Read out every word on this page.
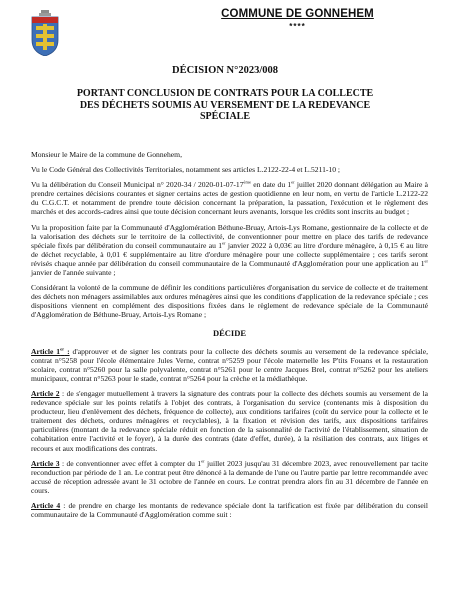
COMMUNE DE GONNEHEM
****
DÉCISION N°2023/008
PORTANT CONCLUSION DE CONTRATS POUR LA COLLECTE
DES DÉCHETS SOUMIS AU VERSEMENT DE LA REDEVANCE
SPÉCIALE

Monsieur le Maire de la commune de Gonnehem,

Vu le Code Général des Collectivités Territoriales, notamment ses articles L.2122-22-4 et L.5211-10 ;

Vu la délibération du Conseil Municipal n° 2020-34 / 2020-01-07-17ème en date du 1er juillet 2020 donnant délégation au Maire à prendre certaines décisions courantes et signer certains actes de gestion quotidienne en leur nom, en vertu de l'article L.2122-22 du C.G.C.T. et notamment de prendre toute décision concernant la préparation, la passation, l'exécution et le règlement des marchés et des accords-cadres ainsi que toute décision concernant leurs avenants, lorsque les crédits sont inscrits au budget ;

Vu la proposition faite par la Communauté d'Agglomération Béthune-Bruay, Artois-Lys Romane, gestionnaire de la collecte et de la valorisation des déchets sur le territoire de la collectivité, de conventionner pour mettre en place des tarifs de redevance spéciale fixés par délibération du conseil communautaire au 1er janvier 2022 à 0,03€ au litre d'ordure ménagère, à 0,15 € au litre de déchet recyclable, à 0,01 € supplémentaire au litre d'ordure ménagère pour une collecte supplémentaire ; ces tarifs seront révisés chaque année par délibération du conseil communautaire de la Communauté d'Agglomération pour une application au 1er janvier de l'année suivante ;

Considérant la volonté de la commune de définir les conditions particulières d'organisation du service de collecte et de traitement des déchets non ménagers assimilables aux ordures ménagères ainsi que les conditions d'application de la redevance spéciale ; ces dispositions viennent en complément des dispositions fixées dans le règlement de redevance spéciale de la Communauté d'Agglomération de Béthune-Bruay, Artois-Lys Romane ;

DÉCIDE

Article 1er : d'approuver et de signer les contrats pour la collecte des déchets soumis au versement de la redevance spéciale, contrat n°5258 pour l'école élémentaire Jules Verne, contrat n°5259 pour l'école maternelle les P'tits Fouans et la restauration scolaire, contrat n°5260 pour la salle polyvalente, contrat n°5261 pour le centre Jacques Brel, contrat n°5262 pour les ateliers municipaux, contrat n°5263 pour le stade, contrat n°5264 pour la crèche et la médiathèque.

Article 2 : de s'engager mutuellement à travers la signature des contrats pour la collecte des déchets soumis au versement de la redevance spéciale sur les points relatifs à l'objet des contrats, à l'organisation du service (contenants mis à disposition du producteur, lieu d'enlèvement des déchets, fréquence de collecte), aux conditions tarifaires (coût du service pour la collecte et le traitement des déchets, ordures ménagères et recyclables), à la fixation et révision des tarifs, aux dispositions tarifaires particulières (montant de la redevance spéciale réduit en fonction de la saisonnalité de l'activité de l'établissement, situation de cohabitation entre l'activité et le foyer), à la durée des contrats (date d'effet, durée), à la résiliation des contrats, aux litiges et recours et aux modifications des contrats.

Article 3 : de conventionner avec effet à compter du 1er juillet 2023 jusqu'au 31 décembre 2023, avec renouvellement par tacite reconduction par période de 1 an. Le contrat peut être dénoncé à la demande de l'une ou l'autre partie par lettre recommandée avec accusé de réception adressée avant le 31 octobre de l'année en cours. Le contrat prendra alors fin au 31 décembre de l'année en cours.

Article 4 : de prendre en charge les montants de redevance spéciale dont la tarification est fixée par délibération du conseil communautaire de la Communauté d'Agglomération comme suit :
